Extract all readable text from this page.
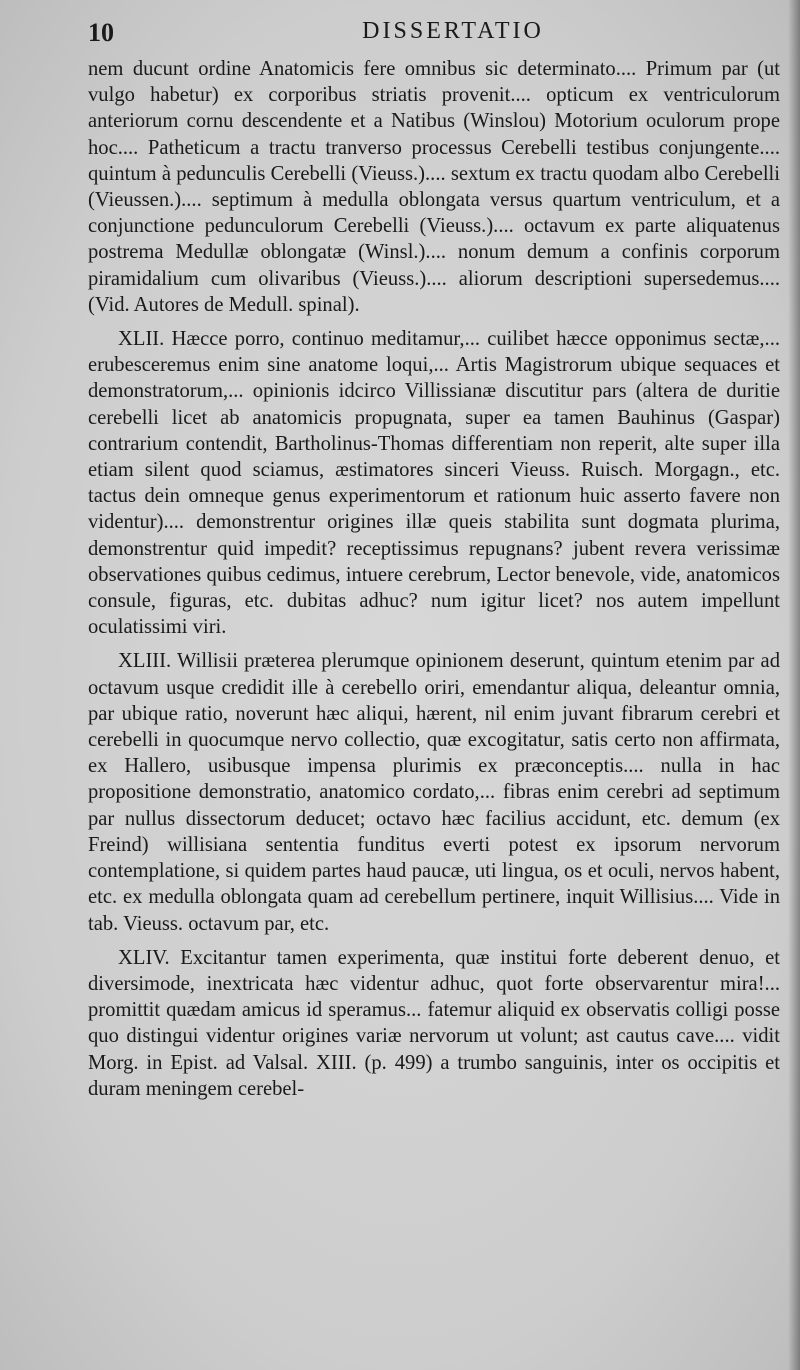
10	DISSERTATIO

nem ducunt ordine Anatomicis fere omnibus sic determinato.... Primum par (ut vulgo habetur) ex corporibus striatis provenit.... opticum ex ventriculorum anteriorum cornu descendente et a Natibus (Winslou) Motorium oculorum prope hoc.... Patheticum a tractu tranverso processus Cerebelli testibus conjungente.... quintum à pedunculis Cerebelli (Vieuss.).... sextum ex tractu quodam albo Cerebelli (Vieussen.).... septimum à medulla oblongata versus quartum ventriculum, et a conjunctione pedunculorum Cerebelli (Vieuss.).... octavum ex parte aliquatenus postrema Medullæ oblongatæ (Winsl.).... nonum demum a confinis corporum piramidalium cum olivaribus (Vieuss.).... aliorum descriptioni supersedemus.... (Vid. Autores de Medull. spinal).

XLII. Hæcce porro, continuo meditamur,... cuilibet hæcce opponimus sectæ,... erubesceremus enim sine anatome loqui,... Artis Magistrorum ubique sequaces et demonstratorum,... opinionis idcirco Villissianæ discutitur pars (altera de duritie cerebelli licet ab anatomicis propugnata, super ea tamen Bauhinus (Gaspar) contrarium contendit, Bartholinus-Thomas differentiam non reperit, alte super illa etiam silent quod sciamus, æstimatores sinceri Vieuss. Ruisch. Morgagn., etc. tactus dein omneque genus experimentorum et rationum huic asserto favere non videntur).... demonstrentur origines illæ queis stabilita sunt dogmata plurima, demonstrentur quid impedit? receptissimus repugnans? jubent revera verissimæ observationes quibus cedimus, intuere cerebrum, Lector benevole, vide, anatomicos consule, figuras, etc. dubitas adhuc? num igitur licet? nos autem impellunt oculatissimi viri.

XLIII. Willisii præterea plerumque opinionem deserunt, quintum etenim par ad octavum usque credidit ille à cerebello oriri, emendantur aliqua, deleantur omnia, par ubique ratio, noverunt hæc aliqui, hærent, nil enim juvant fibrarum cerebri et cerebelli in quocumque nervo collectio, quæ excogitatur, satis certo non affirmata, ex Hallero, usibusque impensa plurimis ex præconceptis.... nulla in hac propositione demonstratio, anatomico cordato,... fibras enim cerebri ad septimum par nullus dissectorum deducet; octavo hæc facilius accidunt, etc. demum (ex Freind) willisiana sententia funditus everti potest ex ipsorum nervorum contemplatione, si quidem partes haud paucæ, uti lingua, os et oculi, nervos habent, etc. ex medulla oblongata quam ad cerebellum pertinere, inquit Willisius.... Vide in tab. Vieuss. octavum par, etc.

XLIV. Excitantur tamen experimenta, quæ institui forte deberent denuo, et diversimode, inextricata hæc videntur adhuc, quot forte observarentur mira!... promittit quædam amicus id speramus... fatemur aliquid ex observatis colligi posse quo distingui videntur origines variæ nervorum ut volunt; ast cautus cave.... vidit Morg. in Epist. ad Valsal. XIII. (p. 499) a trumbo sanguinis, inter os occipitis et duram meningem cerebel-
